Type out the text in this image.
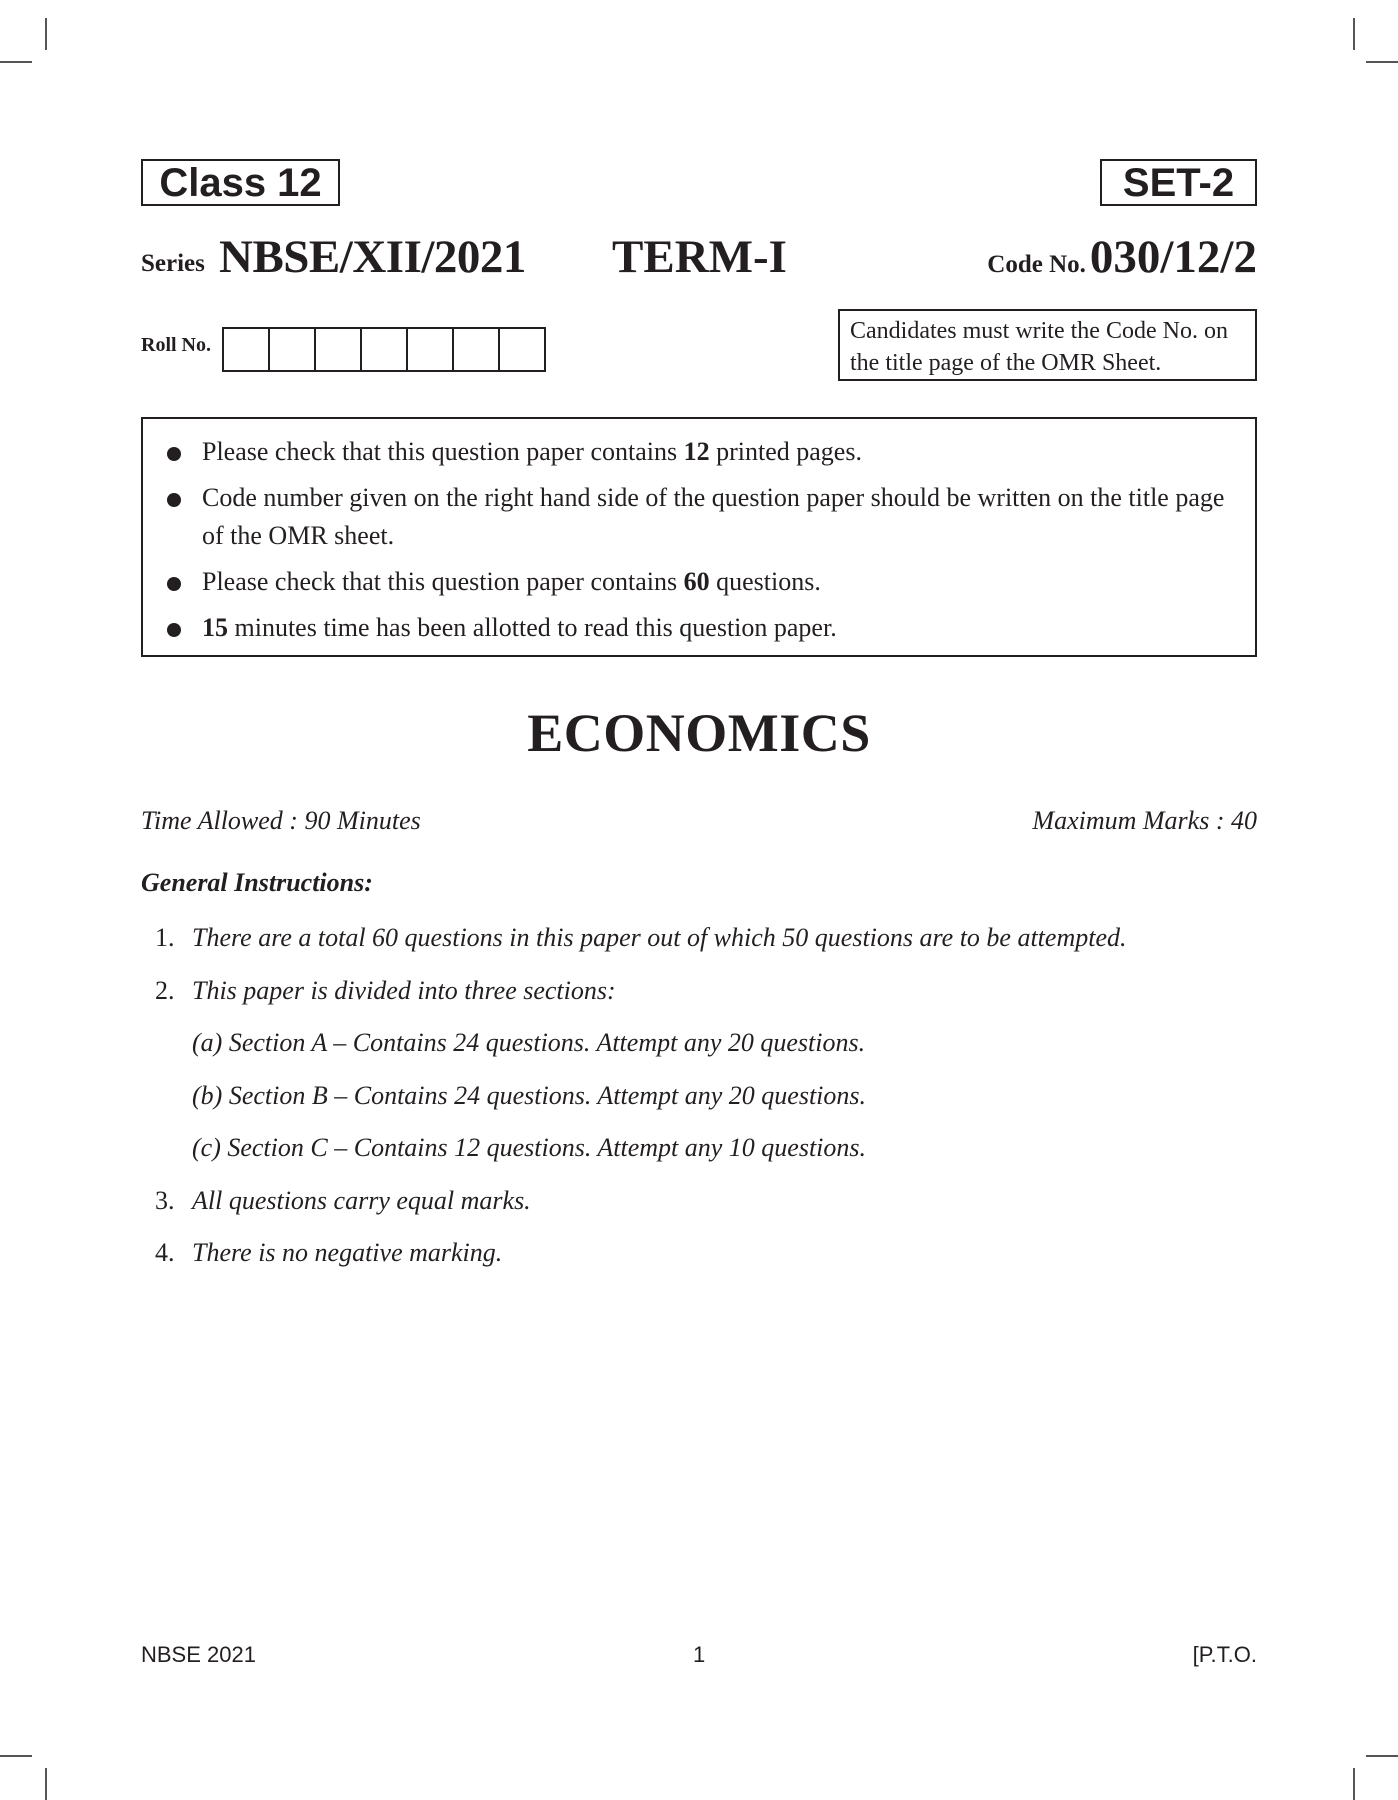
Class 12	SET-2
Series NBSE/XII/2021 TERM-I	Code No. 030/12/2
Roll No.
Candidates must write the Code No. on
the title page of the OMR Sheet.
Please check that this question paper contains 12 printed pages.
Code number given on the right hand side of the question paper should be written on the title page of the OMR sheet.
Please check that this question paper contains 60 questions.
15 minutes time has been allotted to read this question paper.
ECONOMICS
Time Allowed : 90 Minutes	Maximum Marks : 40
General Instructions:
1. There are a total 60 questions in this paper out of which 50 questions are to be attempted.
2. This paper is divided into three sections:
(a) Section A – Contains 24 questions. Attempt any 20 questions.
(b) Section B – Contains 24 questions. Attempt any 20 questions.
(c) Section C – Contains 12 questions. Attempt any 10 questions.
3. All questions carry equal marks.
4. There is no negative marking.
NBSE 2021	1	[P.T.O.
